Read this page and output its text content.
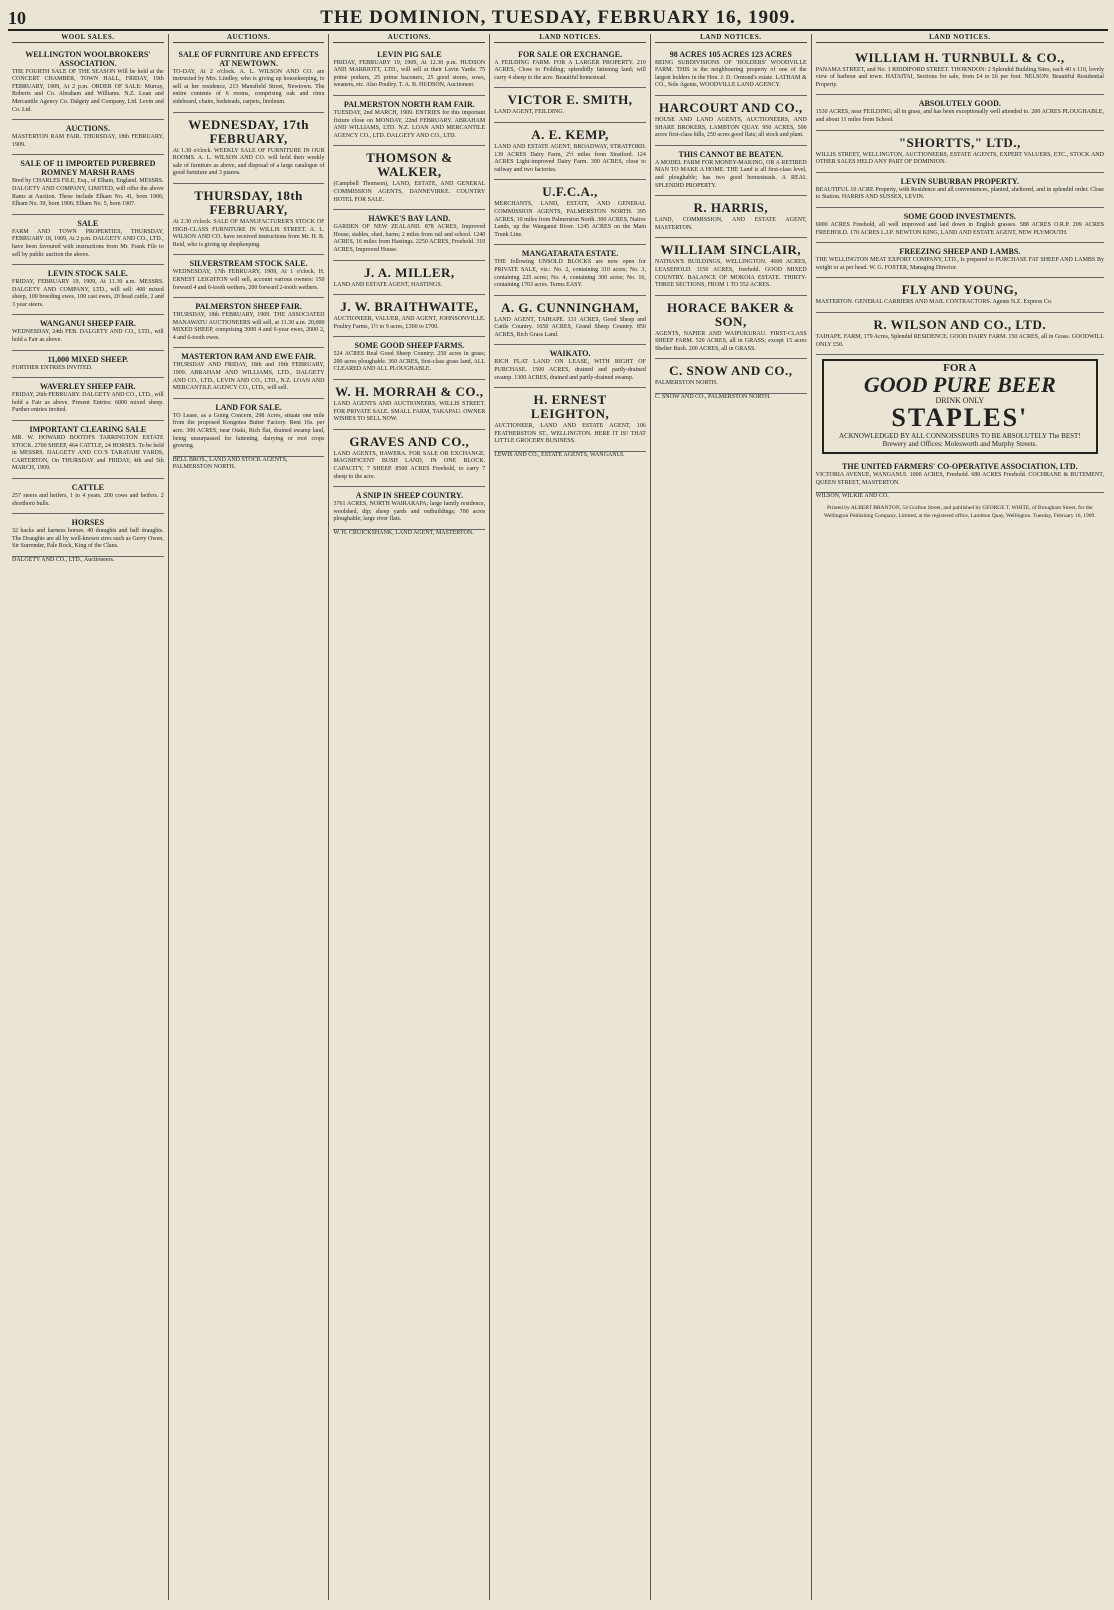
10	THE DOMINION, TUESDAY, FEBRUARY 16, 1909.
WOOL SALES.
WELLINGTON WOOLBROKERS' ASSOCIATION.

THE FOURTH SALE OF THE SEASON Will be held at the CONCERT CHAMBER, TOWN HALL, FRIDAY, 19th FEBRUARY, 1909, At 2 p.m. ORDER OF SALE: Murray, Roberts and Co. Abraham and Williams. N.Z. Loan and Mercantile Agency Co. Dalgety and Company, Ltd. Levin and Co. Ltd.

AUCTIONS.

MASTERTON RAM FAIR. THURSDAY, 18th FEBRUARY, 1909.

SALE OF 11 IMPORTED PUREBRED ROMNEY MARSH RAMS

Bred by CHARLES FILE, Esq., of Elham, England. MESSRS. DALGETY AND COMPANY, LIMITED, will offer the above Rams at Auction. These include Elham No. 41, born 1906; Elham No. 39, born 1906; Elham No. 5, born 1907.

SALE

FARM AND TOWN PROPERTIES, THURSDAY, FEBRUARY 18, 1909, At 2 p.m. DALGETY AND CO., LTD., have been favoured with instructions from Mr. Frank File to sell by public auction the above.

LEVIN STOCK SALE.

FRIDAY, FEBRUARY 19, 1909, At 11.30 a.m. MESSRS. DALGETY AND COMPANY, LTD., will sell: 400 mixed sheep, 100 breeding ewes, 100 cast ewes, 20 head cattle, 2 and 3 year steers.

WANGANUI SHEEP FAIR.

WEDNESDAY, 24th FEB. DALGETY AND CO., LTD., will hold a Fair as above.

11,000 MIXED SHEEP.

FURTHER ENTRIES INVITED.

WAVERLEY SHEEP FAIR.

FRIDAY, 26th FEBRUARY. DALGETY AND CO., LTD., will hold a Fair as above. Present Entries: 6000 mixed sheep. Further entries invited.

IMPORTANT CLEARING SALE

MR. W. HOWARD BOOTH'S TARRINGTON ESTATE STOCK. 2700 SHEEP, 464 CATTLE, 24 HORSES. To be held in MESSRS. DALGETY AND CO.'S TARATAHI YARDS, CARTERTON, On THURSDAY and FRIDAY, 4th and 5th MARCH, 1909.

CATTLE

257 steers and heifers, 1 to 4 years. 200 cows and heifers. 2 shorthorn bulls.

HORSES

32 hacks and harness horses. 40 draughts and half draughts. The Draughts are all by well-known sires such as Gerry Owen, Sir Surrender, Pale Rock, King of the Clans.

DALGETY AND CO., LTD., Auctioneers.
AUCTIONS.
SALE OF FURNITURE AND EFFECTS AT NEWTOWN.

TO-DAY, At 2 o'clock. A. L. WILSON AND CO. are instructed by Mrs. Lindley, who is giving up housekeeping, to sell at her residence, 213 Mansfield Street, Newtown. The entire contents of 6 rooms, comprising oak and rimu sideboard, chairs, bedsteads, carpets, linoleum.

WEDNESDAY, 17th FEBRUARY,

At 1.30 o'clock. WEEKLY SALE OF FURNITURE IN OUR ROOMS. A. L. WILSON AND CO. will hold their weekly sale of furniture as above, and disposal of a large catalogue of good furniture and 3 pianos.

THURSDAY, 18th FEBRUARY,

At 2.30 o'clock. SALE OF MANUFACTURER'S STOCK OF HIGH-CLASS FURNITURE IN WILLIS STREET. A. L. WILSON AND CO. have received instructions from Mr. H. R. Reid, who is giving up shopkeeping.

SILVERSTREAM STOCK SALE.

WEDNESDAY, 17th FEBRUARY, 1909, At 1 o'clock. H. ERNEST LEIGHTON will sell, account various owners: 150 forward 4 and 6-tooth wethers, 200 forward 2-tooth wethers.

PALMERSTON SHEEP FAIR.

THURSDAY, 18th FEBRUARY, 1909. THE ASSOCIATED MANAWATU AUCTIONEERS will sell, at 11.30 a.m. 20,000 MIXED SHEEP, comprising 3000 4 and 6-year ewes, 2000 2, 4 and 6-tooth ewes.

MASTERTON RAM AND EWE FAIR.

THURSDAY AND FRIDAY, 18th and 19th FEBRUARY, 1909. ABRAHAM AND WILLIAMS, LTD., DALGETY AND CO., LTD., LEVIN AND CO., LTD., N.Z. LOAN AND MERCANTILE AGENCY CO., LTD., will sell.

LAND FOR SALE.

TO Lease, as a Going Concern, 298 Acres, situate one mile from the proposed Kongotea Butter Factory. Rent 16s. per acre. 300 ACRES, near Otaki, Rich flat, drained swamp land, being unsurpassed for fattening, dairying or root crops growing.

BELL BROS., LAND AND STOCK AGENTS, PALMERSTON NORTH.
AUCTIONS.
LEVIN PIG SALE

FRIDAY, FEBRUARY 19, 1909, At 12.30 p.m. HUDSON AND MARRIOTT, LTD., will sell at their Levin Yards: 75 prime porkers, 25 prime baconers, 25 good stores, sows, weaners, etc. Also Poultry. T. A. B. HUDSON, Auctioneer.

PALMERSTON NORTH RAM FAIR.

TUESDAY, 2nd MARCH, 1909. ENTRIES for this important fixture close on MONDAY, 22nd FEBRUARY. ABRAHAM AND WILLIAMS, LTD. N.Z. LOAN AND MERCANTILE AGENCY CO., LTD. DALGETY AND CO., LTD.

THOMSON & WALKER,

(Campbell Thomson), LAND, ESTATE, AND GENERAL COMMISSION AGENTS, DANNEVIRKE. COUNTRY HOTEL FOR SALE.

HAWKE'S BAY LAND.

GARDEN OF NEW ZEALAND. 878 ACRES, Improved House, stables, shed, barns; 2 miles from rail and school. 1240 ACRES, 16 miles from Hastings. 2250 ACRES, Freehold. 310 ACRES, Improved House.

J. A. MILLER,

LAND AND ESTATE AGENT, HASTINGS.

J. W. BRAITHWAITE,

AUCTIONEER, VALUER, AND AGENT, JOHNSONVILLE. Poultry Farms, 1½ to 9 acres, £300 to £700.

SOME GOOD SHEEP FARMS.

524 ACRES Real Good Sheep Country; 250 acres in grass; 200 acres ploughable. 360 ACRES, first-class grass land, ALL CLEARED AND ALL PLOUGHABLE.

W. H. MORRAH & CO.,

LAND AGENTS AND AUCTIONEERS, WILLIS STREET. FOR PRIVATE SALE. SMALL FARM, TAKAPAU. OWNER WISHES TO SELL NOW.

GRAVES AND CO.,

LAND AGENTS, HAWERA. FOR SALE OR EXCHANGE. MAGNIFICENT BUSH LAND, IN ONE BLOCK. CAPACITY, 7 SHEEP. 8500 ACRES Freehold, to carry 7 sheep to the acre.

A SNIP IN SHEEP COUNTRY.

3761 ACRES, NORTH WAIRARAPA; large family residence, woolshed, dip; sheep yards and outbuildings; 700 acres ploughable; large river flats.

W. H. CRUICKSHANK, LAND AGENT, MASTERTON.
LAND NOTICES.
FOR SALE OR EXCHANGE.

A FEILDING FARM. FOR A LARGER PROPERTY. 210 ACRES, Close to Feilding; splendidly fattening land; will carry 4 sheep to the acre. Beautiful homestead.

VICTOR E. SMITH,

LAND AGENT, FEILDING.

A. E. KEMP,

LAND AND ESTATE AGENT, BROADWAY, STRATFORD. 139 ACRES Dairy Farm, 2½ miles from Stratford. 124 ACRES Light-improved Dairy Farm. 300 ACRES, close to railway and two factories.

U.F.C.A.,

MERCHANTS, LAND, ESTATE, AND GENERAL COMMISSION AGENTS, PALMERSTON NORTH. 395 ACRES, 10 miles from Palmerston North. 300 ACRES, Native Lands, up the Wanganui River. 1245 ACRES on the Main Trunk Line.

MANGATARATA ESTATE.

THE following UNSOLD BLOCKS are now open for PRIVATE SALE, viz.: No. 2, containing 310 acres; No. 3, containing 225 acres; No. 4, containing 300 acres; No. 16, containing 1763 acres. Terms EASY.

A. G. CUNNINGHAM,

LAND AGENT, TAIHAPE. 131 ACRES, Good Sheep and Cattle Country. 1650 ACRES, Grand Sheep Country. 850 ACRES, Rich Grass Land.

WAIKATO.

RICH FLAT LAND ON LEASE, WITH RIGHT OF PURCHASE. 1500 ACRES, drained and partly-drained swamp. 1300 ACRES, drained and partly-drained swamp.

H. ERNEST LEIGHTON,

AUCTIONEER, LAND AND ESTATE AGENT, 106 FEATHERSTON ST., WELLINGTON. HERE IT IS! THAT LITTLE GROCERY BUSINESS.

LEWIS AND CO., ESTATE AGENTS, WANGANUI.
LAND NOTICES.
98 ACRES 105 ACRES 123 ACRES

BEING SUBDIVISIONS OF 'HOLDERS' WOODVILLE FARM. THIS is the neighbouring property of one of the largest holders in the Hon. J. D. Ormond's estate. LATHAM & CO., Sole Agents, WOODVILLE LAND AGENCY.

HARCOURT AND CO.,

HOUSE AND LAND AGENTS, AUCTIONEERS, AND SHARE BROKERS, LAMBTON QUAY. 950 ACRES, 500 acres first-class hills, 250 acres good flats; all stock and plant.

THIS CANNOT BE BEATEN.

A MODEL FARM FOR MONEY-MAKING, OR A RETIRED MAN TO MAKE A HOME. THE Land is all first-class level, and ploughable; has two good homesteads. A REAL SPLENDID PROPERTY.

R. HARRIS,

LAND, COMMISSION, AND ESTATE AGENT, MASTERTON.

WILLIAM SINCLAIR,

NATHAN'S BUILDINGS, WELLINGTON. 4600 ACRES, LEASEHOLD. 1150 ACRES, freehold. GOOD MIXED COUNTRY. BALANCE OF MOKOIA ESTATE. THIRTY-THREE SECTIONS, FROM 1 TO 552 ACRES.

HORACE BAKER & SON,

AGENTS, NAPIER AND WAIPUKURAU. FIRST-CLASS SHEEP FARM. 520 ACRES, all in GRASS; except 15 acres Shelter Bush. 200 ACRES, all in GRASS.

C. SNOW AND CO.,

PALMERSTON NORTH.

C. SNOW AND CO., PALMERSTON NORTH.
LAND NOTICES.
WILLIAM H. TURNBULL & CO.,

PANAMA STREET, and No. 1 RIDDIFORD STREET. THORNDON: 2 Splendid Building Sites, each 40 x 110, lovely view of harbour and town. HATAITAI, Sections for sale, from £4 to £6 per foot. NELSON: Beautiful Residential Property.

ABSOLUTELY GOOD.

1530 ACRES, near FEILDING; all in grass, and has been exceptionally well attended to. 200 ACRES PLOUGHABLE, and about 11 miles from School.

"SHORTTS," LTD.,

WILLIS STREET, WELLINGTON, AUCTIONEERS, ESTATE AGENTS, EXPERT VALUERS, ETC., STOCK AND OTHER SALES HELD ANY PART OF DOMINION.

LEVIN SUBURBAN PROPERTY.

BEAUTIFUL 10 ACRE Property, with Residence and all conveniences, planted, sheltered, and in splendid order. Close to Station. HARRIS AND SUSSEX, LEVIN.

SOME GOOD INVESTMENTS.

6000 ACRES Freehold, all well improved and laid down in English grasses. 588 ACRES O.R.P. 209 ACRES FREEHOLD. 170 ACRES L.I.P. NEWTON KING, LAND AND ESTATE AGENT, NEW PLYMOUTH.

FREEZING SHEEP AND LAMBS.

THE WELLINGTON MEAT EXPORT COMPANY, LTD., Is prepared to PURCHASE FAT SHEEP AND LAMBS By weight or at per head. W. G. FOSTER, Managing Director.

FLY AND YOUNG,

MASTERTON. GENERAL CARRIERS AND MAIL CONTRACTORS. Agents N.Z. Express Co.

R. WILSON AND CO., LTD.

TAIHAPE. FARM, 179 Acres, Splendid RESIDENCE. GOOD DAIRY FARM. 150 ACRES, all in Grass. GOODWILL ONLY £50.

FOR A
GOOD PURE BEER
DRINK ONLY
STAPLES'
ACKNOWLEDGED BY ALL CONNOISSEURS TO BE ABSOLUTELY The BEST! Brewery and Offices: Molesworth and Murphy Streets.
THE UNITED FARMERS' CO-OPERATIVE ASSOCIATION, LTD.

VICTORIA AVENUE, WANGANUI. 1000 ACRES, Freehold. 680 ACRES Freehold. COCHRANE & BUTEMENT, QUEEN STREET, MASTERTON.

WILSON, WILKIE AND CO.
Printed by ALBERT BRANTON, 54 Grafton Street, and published by GEORGE T. WHITE, of Brougham Street, for the Wellington Publishing Company, Limited, at the registered office, Lambton Quay, Wellington. Tuesday, February 16, 1909.
